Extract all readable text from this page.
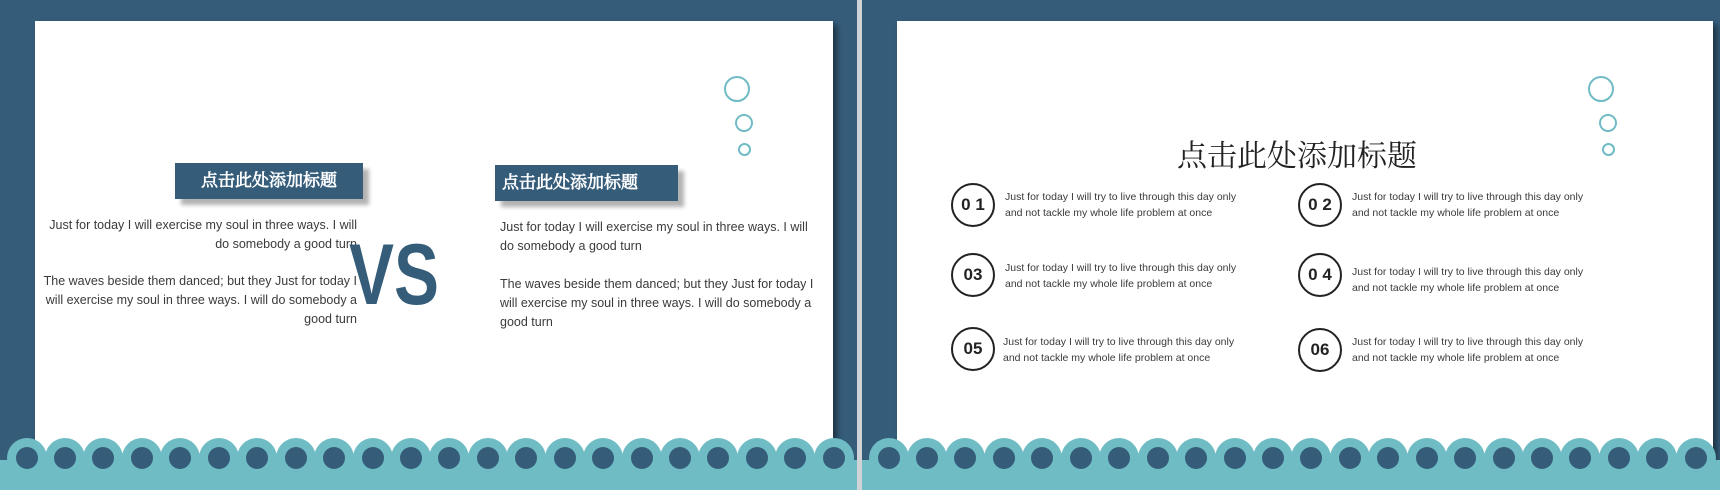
点击此处添加标题
Just for today I will exercise my soul in three ways. I will do somebody a good turn
The waves beside them danced; but they Just for today I will exercise my soul in three ways. I will do somebody a good turn
VS
点击此处添加标题
Just for today I will exercise my soul in three ways. I will do somebody a good turn
The waves beside them danced; but they Just for today I will exercise my soul in three ways. I will do somebody a good turn
点击此处添加标题
0 1	Just for today I will try to live through this day only and not tackle my whole life problem at once	0 2	Just for today I will try to live through this day only and not tackle my whole life problem at once
03	Just for today I will try to live through this day only and not tackle my whole life problem at once	0 4	Just for today I will try to live through this day only and not tackle my whole life problem at once
05	Just for today I will try to live through this day only and not tackle my whole life problem at once	06	Just for today I will try to live through this day only and not tackle my whole life problem at once
